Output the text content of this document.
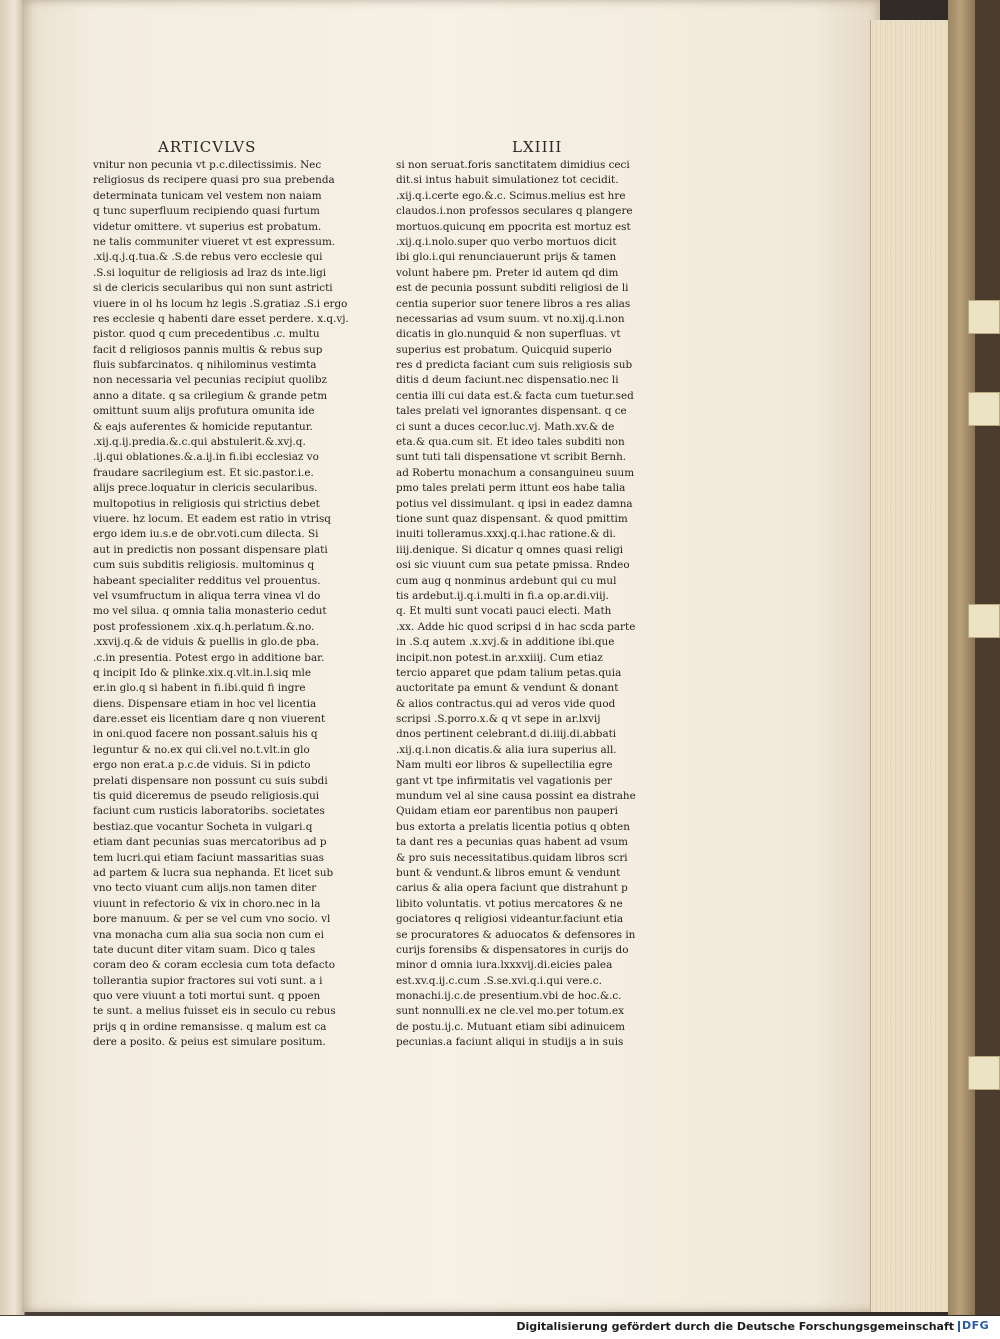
ARTICVLVS	LXIIII
vnitur non pecunia vt p.c.dilectissimis. Nec
religiosus ds recipere quasi pro sua prebenda
determinata tunicam vel vestem non naiam
q tunc superfluum recipiendo quasi furtum
videtur omittere. vt superius est probatum.
ne talis communiter viueret vt est expressum.
.xij.q.j.q.tua.& .S.de rebus vero ecclesie qui
.S.si loquitur de religiosis ad lraz ds inte.ligi
si de clericis secularibus qui non sunt astricti
viuere in ol hs locum hz legis .S.gratiaz .S.i ergo
res ecclesie q habenti dare esset perdere. x.q.vj.
pistor. quod q cum precedentibus .c. multu
facit d religiosos pannis multis & rebus sup
fluis subfarcinatos. q nihilominus vestimta
non necessaria vel pecunias recipiut quolibz
anno a ditate. q sa crilegium & grande petm
omittunt suum alijs profutura omunita ide
& eajs auferentes & homicide reputantur.
.xij.q.ij.predia.&.c.qui abstulerit.&.xvj.q.
.ij.qui oblationes.&.a.ij.in fi.ibi ecclesiaz vo
fraudare sacrilegium est. Et sic.pastor.i.e.
alijs prece.loquatur in clericis secularibus.
multopotius in religiosis qui strictius debet
viuere. hz locum. Et eadem est ratio in vtrisq
ergo idem iu.s.e de obr.voti.cum dilecta. Si
aut in predictis non possant dispensare plati
cum suis subditis religiosis. multominus q
habeant specialiter redditus vel prouentus.
vel vsumfructum in aliqua terra vinea vl do
mo vel silua. q omnia talia monasterio cedut
post professionem .xix.q.h.perlatum.&.no.
.xxvij.q.& de viduis & puellis in glo.de pba.
.c.in presentia. Potest ergo in additione bar.
q incipit Ido & plinke.xix.q.vlt.in.l.siq mle
er.in glo.q si habent in fi.ibi.quid fi ingre
diens. Dispensare etiam in hoc vel licentia
dare.esset eis licentiam dare q non viuerent
in oni.quod facere non possant.saluis his q
leguntur & no.ex qui cli.vel no.t.vlt.in glo
ergo non erat.a p.c.de viduis. Si in pdicto
prelati dispensare non possunt cu suis subdi
tis quid diceremus de pseudo religiosis.qui
faciunt cum rusticis laboratoribs. societates
bestiaz.que vocantur Socheta in vulgari.q
etiam dant pecunias suas mercatoribus ad p
tem lucri.qui etiam faciunt massaritias suas
ad partem & lucra sua nephanda. Et licet sub
vno tecto viuant cum alijs.non tamen diter
viuunt in refectorio & vix in choro.nec in la
bore manuum. & per se vel cum vno socio. vl
vna monacha cum alia sua socia non cum ei
tate ducunt diter vitam suam. Dico q tales
coram deo & coram ecclesia cum tota defacto
tollerantia supior fractores sui voti sunt. a i
quo vere viuunt a toti mortui sunt. q ppoen
te sunt. a melius fuisset eis in seculo cu rebus
prijs q in ordine remansisse. q malum est ca
dere a posito. & peius est simulare positum.
si non seruat.foris sanctitatem dimidius ceci
dit.si intus habuit simulationez tot cecidit.
.xij.q.i.certe ego.&.c. Scimus.melius est hre
claudos.i.non professos seculares q plangere
mortuos.quicunq em ppocrita est mortuz est
.xij.q.i.nolo.super quo verbo mortuos dicit
ibi glo.i.qui renunciauerunt prijs & tamen
volunt habere pm. Preter id autem qd dim
est de pecunia possunt subditi religiosi de li
centia superior suor tenere libros a res alias
necessarias ad vsum suum. vt no.xij.q.i.non
dicatis in glo.nunquid & non superfluas. vt
superius est probatum. Quicquid superio
res d predicta faciant cum suis religiosis sub
ditis d deum faciunt.nec dispensatio.nec li
centia illi cui data est.& facta cum tuetur.sed
tales prelati vel ignorantes dispensant. q ce
ci sunt a duces cecor.luc.vj. Math.xv.& de
eta.& qua.cum sit. Et ideo tales subditi non
sunt tuti tali dispensatione vt scribit Bernh.
ad Robertu monachum a consanguineu suum
pmo tales prelati perm ittunt eos habe talia
potius vel dissimulant. q ipsi in eadez damna
tione sunt quaz dispensant. & quod pmittim
inuiti tolleramus.xxxj.q.i.hac ratione.& di.
iiij.denique. Si dicatur q omnes quasi religi
osi sic viuunt cum sua petate pmissa. Rndeo
cum aug q nonminus ardebunt qui cu mul
tis ardebut.ij.q.i.multi in fi.a op.ar.di.viij.
q. Et multi sunt vocati pauci electi. Math
.xx. Adde hic quod scripsi d in hac scda parte
in .S.q autem .x.xvj.& in additione ibi.que
incipit.non potest.in ar.xxiiij. Cum etiaz
tercio apparet que pdam talium petas.quia
auctoritate pa emunt & vendunt & donant
& alios contractus.qui ad veros vide quod
scripsi .S.porro.x.& q vt sepe in ar.lxvij
dnos pertinent celebrant.d di.iiij.di.abbati
.xij.q.i.non dicatis.& alia iura superius all.
Nam multi eor libros & supellectilia egre
gant vt tpe infirmitatis vel vagationis per
mundum vel al sine causa possint ea distrahe
Quidam etiam eor parentibus non pauperi
bus extorta a prelatis licentia potius q obten
ta dant res a pecunias quas habent ad vsum
& pro suis necessitatibus.quidam libros scri
bunt & vendunt.& libros emunt & vendunt
carius & alia opera faciunt que distrahunt p
libito voluntatis. vt potius mercatores & ne
gociatores q religiosi videantur.faciunt etia
se procuratores & aduocatos & defensores in
curijs forensibs & dispensatores in curijs do
minor d omnia iura.lxxxvij.di.eicies palea
est.xv.q.ij.c.cum .S.se.xvi.q.i.qui vere.c.
monachi.ij.c.de presentium.vbi de hoc.&.c.
sunt nonnulli.ex ne cle.vel mo.per totum.ex
de postu.ij.c. Mutuant etiam sibi adinuicem
pecunias.a faciunt aliqui in studijs a in suis
Digitalisierung gefördert durch die Deutsche Forschungsgemeinschaft DFG
